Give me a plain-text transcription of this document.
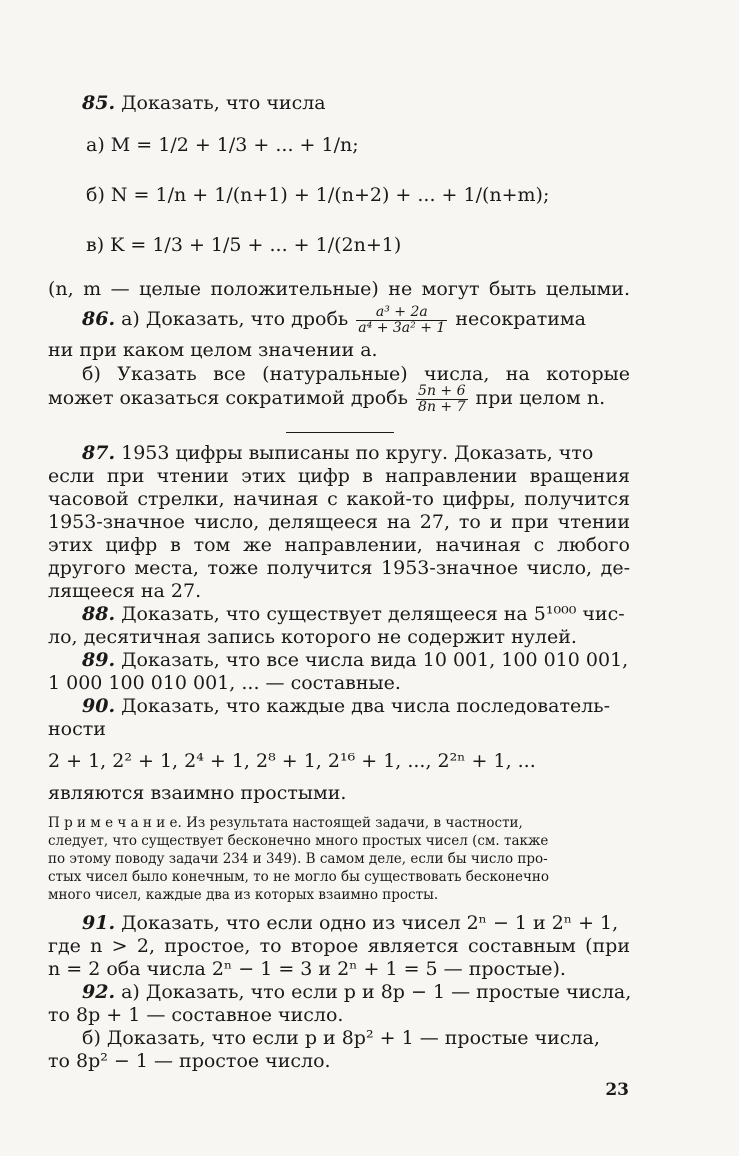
85. Доказать, что числа
а) M = 1/2 + 1/3 + ... + 1/n;
б) N = 1/n + 1/(n+1) + 1/(n+2) + ... + 1/(n+m);
в) K = 1/3 + 1/5 + ... + 1/(2n+1)
(n, m — целые положительные) не могут быть целыми.
86. а) Доказать, что дробь $\frac{\text{a³ + 2a}}{\text{a⁴ + 3a² + 1}}$ несократима
ни при каком целом значении a.
б) Указать все (натуральные) числа, на которые
может оказаться сократимой дробь $\frac{5n + 6}{8n + 7}$ при целом n.
87. 1953 цифры выписаны по кругу. Доказать, что
если при чтении этих цифр в направлении вращения
часовой стрелки, начиная с какой-то цифры, получится
1953-значное число, делящееся на 27, то и при чтении
этих цифр в том же направлении, начиная с любого
другого места, тоже получится 1953-значное число, де-
лящееся на 27.
88. Доказать, что существует делящееся на 5¹⁰⁰⁰ чис-
ло, десятичная запись которого не содержит нулей.
89. Доказать, что все числа вида 10 001, 100 010 001,
1 000 100 010 001, ... — составные.
90. Доказать, что каждые два числа последователь-
ности
2 + 1, 2² + 1, 2⁴ + 1, 2⁸ + 1, 2¹⁶ + 1, ..., 2²ⁿ + 1, ...
являются взаимно простыми.
П р и м е ч а н и е. Из результата настоящей задачи, в частности,
следует, что существует бесконечно много простых чисел (см. также
по этому поводу задачи 234 и 349). В самом деле, если бы число про-
стых чисел было конечным, то не могло бы существовать бесконечно
много чисел, каждые два из которых взаимно просты.
91. Доказать, что если одно из чисел 2ⁿ − 1 и 2ⁿ + 1,
где n > 2, простое, то второе является составным (при
n = 2 оба числа 2ⁿ − 1 = 3 и 2ⁿ + 1 = 5 — простые).
92. а) Доказать, что если p и 8p − 1 — простые числа,
то 8p + 1 — составное число.
б) Доказать, что если p и 8p² + 1 — простые числа,
то 8p² − 1 — простое число.
23
